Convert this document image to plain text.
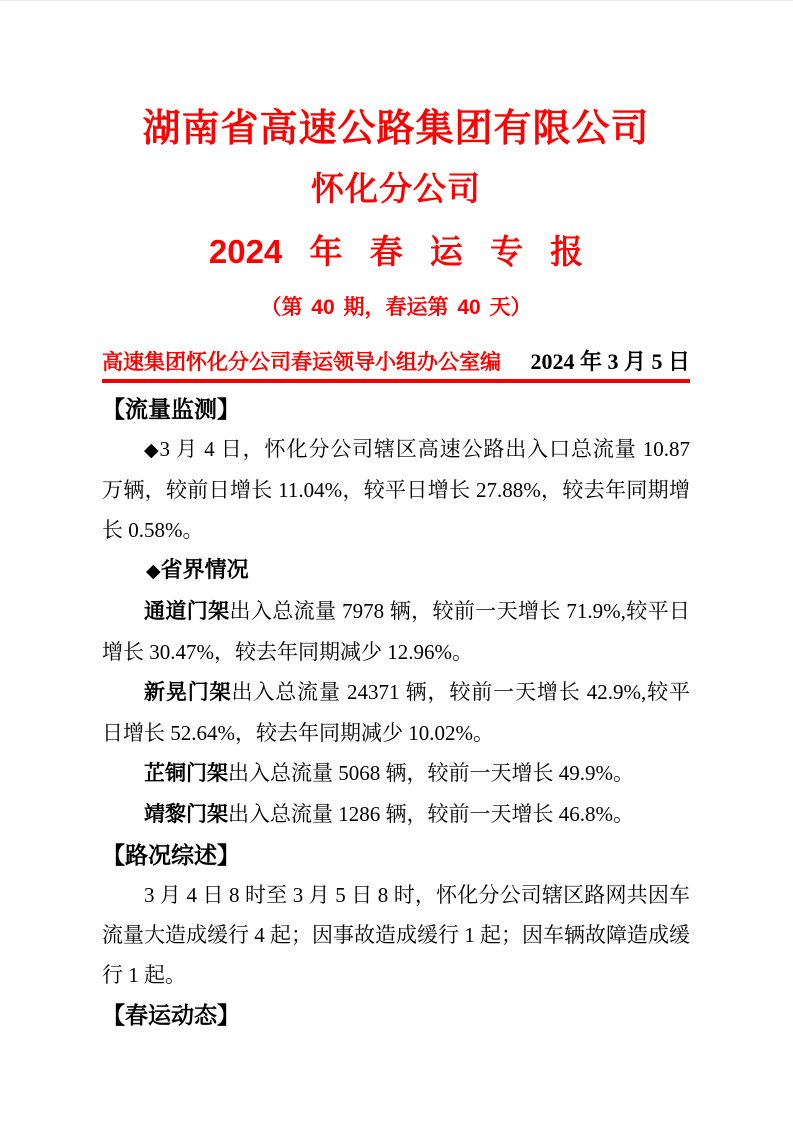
湖南省高速公路集团有限公司
怀化分公司
2024 年 春 运 专 报
（第 40 期，春运第 40 天）
高速集团怀化分公司春运领导小组办公室编 2024 年 3 月 5 日
【流量监测】

◆3 月 4 日，怀化分公司辖区高速公路出入口总流量 10.87 万辆，较前日增长 11.04%，较平日增长 27.88%，较去年同期增长 0.58%。

◆省界情况

通道门架出入总流量 7978 辆，较前一天增长 71.9%,较平日增长 30.47%，较去年同期减少 12.96%。

新晃门架出入总流量 24371 辆，较前一天增长 42.9%,较平日增长 52.64%，较去年同期减少 10.02%。

芷铜门架出入总流量 5068 辆，较前一天增长 49.9%。

靖黎门架出入总流量 1286 辆，较前一天增长 46.8%。

【路况综述】

3 月 4 日 8 时至 3 月 5 日 8 时，怀化分公司辖区路网共因车流量大造成缓行 4 起；因事故造成缓行 1 起；因车辆故障造成缓行 1 起。

【春运动态】
